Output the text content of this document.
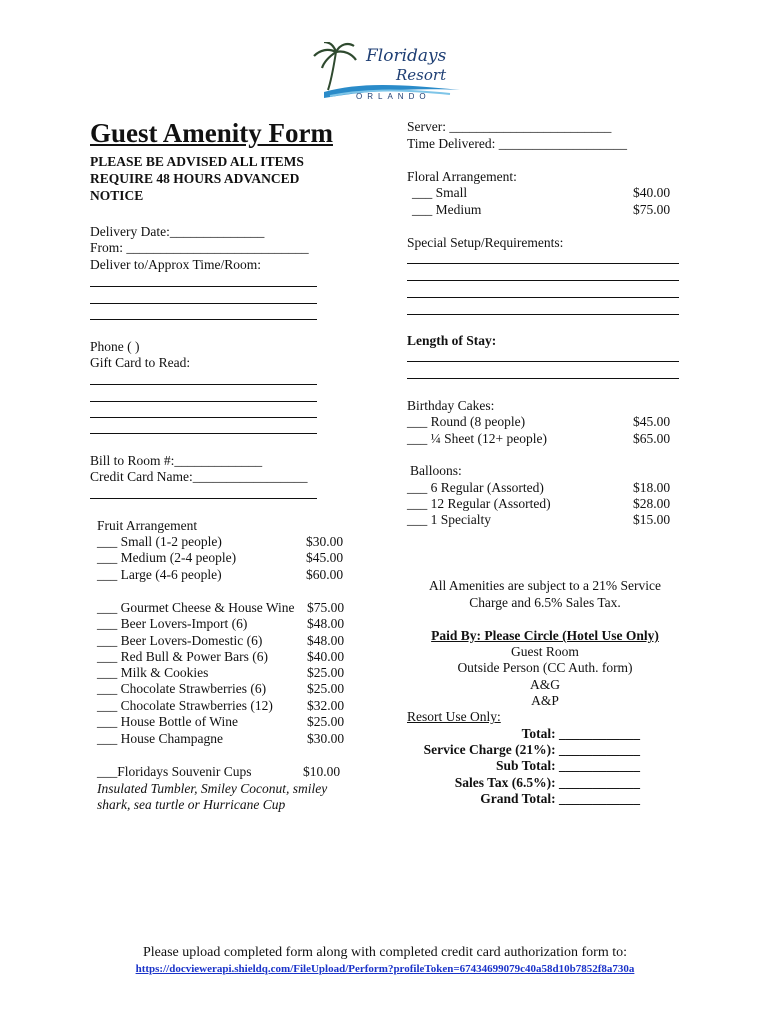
Floridays
Resort
ORLANDO
Guest Amenity Form
PLEASE BE ADVISED ALL ITEMS
REQUIRE 48 HOURS ADVANCED
NOTICE
Delivery Date:______________
From: ___________________________
Deliver to/Approx Time/Room:
Phone ( )
Gift Card to Read:
Bill to Room #:_____________
Credit Card Name:_________________
Fruit Arrangement
___ Small (1-2 people)	$30.00
___ Medium (2-4 people)	$45.00
___ Large (4-6 people)	$60.00
___ Gourmet Cheese & House Wine $75.00
___ Beer Lovers-Import (6)	$48.00
___ Beer Lovers-Domestic (6)	$48.00
___ Red Bull & Power Bars (6)	$40.00
___ Milk & Cookies	$25.00
___ Chocolate Strawberries (6)	$25.00
___ Chocolate Strawberries (12)	$32.00
___ House Bottle of Wine	$25.00
___ House Champagne	$30.00
___Floridays Souvenir Cups	$10.00
Insulated Tumbler, Smiley Coconut, smiley
shark, sea turtle or Hurricane Cup
Server: ________________________
Time Delivered: ___________________
Floral Arrangement:
___ Small	$40.00
___ Medium	$75.00
Special Setup/Requirements:
Length of Stay:
Birthday Cakes:
___ Round (8 people)	$45.00
___ ¼ Sheet (12+ people)	$65.00
Balloons:
___ 6 Regular (Assorted)	$18.00
___ 12 Regular (Assorted)	$28.00
___ 1 Specialty	$15.00
All Amenities are subject to a 21% Service
Charge and 6.5% Sales Tax.
Paid By: Please Circle (Hotel Use Only)
Guest Room
Outside Person (CC Auth. form)
A&G
A&P
Resort Use Only:
Total: ____________
Service Charge (21%): ____________
Sub Total: ____________
Sales Tax (6.5%): ____________
Grand Total: ____________
Please upload completed form along with completed credit card authorization form to:
https://docviewerapi.shieldq.com/FileUpload/Perform?profileToken=67434699079c40a58d10b7852f8a730a
